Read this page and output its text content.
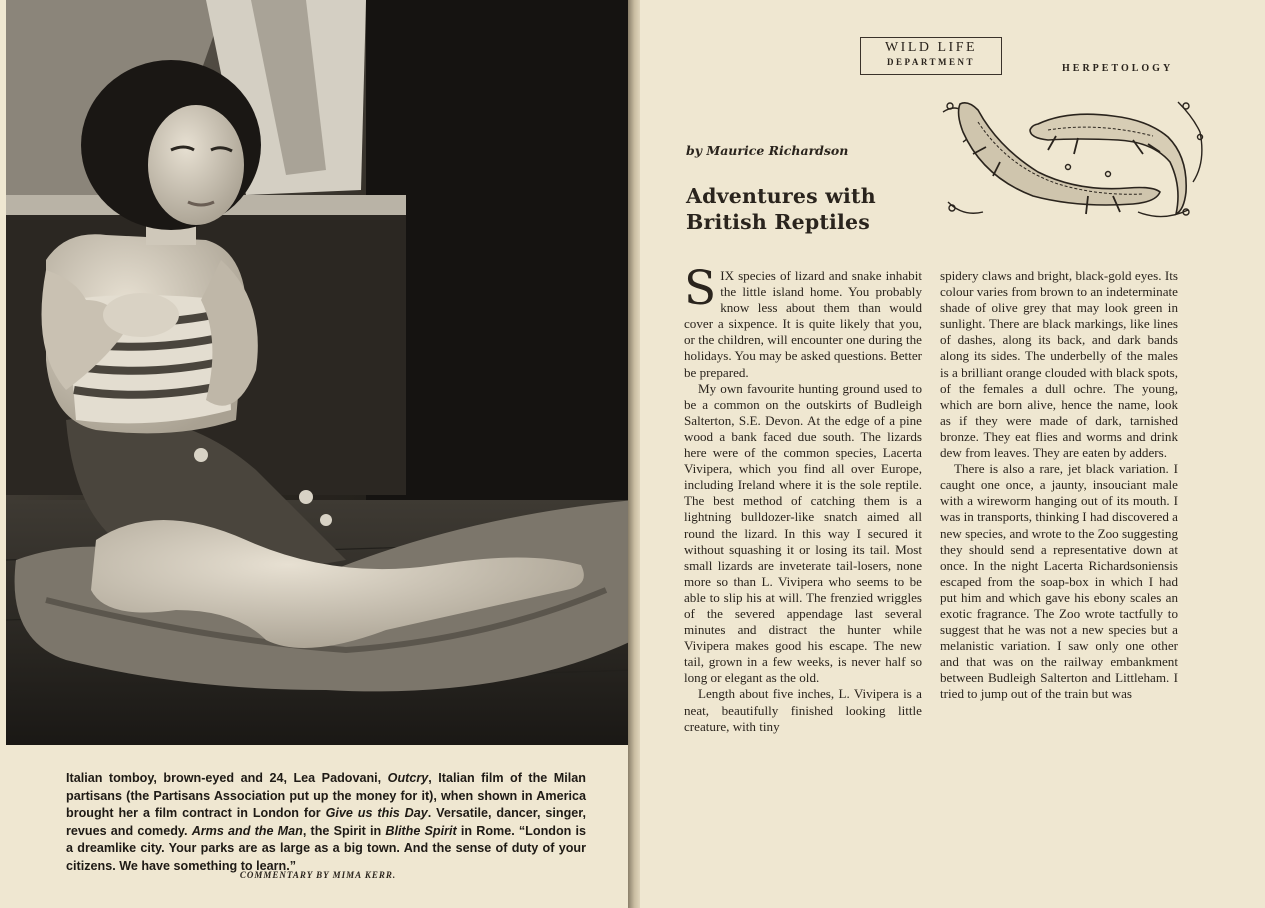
Italian tomboy, brown-eyed and 24, Lea Padovani, Outcry, Italian film of the Milan partisans (the Partisans Association put up the money for it), when shown in America brought her a film contract in London for Give us this Day. Versatile, dancer, singer, revues and comedy. Arms and the Man, the Spirit in Blithe Spirit in Rome. “London is a dreamlike city. Your parks are as large as a big town. And the sense of duty of your citizens. We have something to learn.”
COMMENTARY BY MIMA KERR.
WILD LIFE
DEPARTMENT
HERPETOLOGY
by Maurice Richardson
Adventures with
British Reptiles

SIX species of lizard and snake inhabit the little island home. You probably know less about them than would cover a sixpence. It is quite likely that you, or the children, will encounter one during the holidays. You may be asked questions. Better be prepared.

My own favourite hunting ground used to be a common on the outskirts of Budleigh Salterton, S.E. Devon. At the edge of a pine wood a bank faced due south. The lizards here were of the common species, Lacerta Vivipera, which you find all over Europe, including Ireland where it is the sole reptile. The best method of catching them is a lightning bulldozer-like snatch aimed all round the lizard. In this way I secured it without squashing it or losing its tail. Most small lizards are inveterate tail-losers, none more so than L. Vivipera who seems to be able to slip his at will. The frenzied wriggles of the severed appendage last several minutes and distract the hunter while Vivipera makes good his escape. The new tail, grown in a few weeks, is never half so long or elegant as the old.

Length about five inches, L. Vivipera is a neat, beautifully finished looking little creature, with tiny

spidery claws and bright, black-gold eyes. Its colour varies from brown to an indeterminate shade of olive grey that may look green in sunlight. There are black markings, like lines of dashes, along its back, and dark bands along its sides. The underbelly of the males is a brilliant orange clouded with black spots, of the females a dull ochre. The young, which are born alive, hence the name, look as if they were made of dark, tarnished bronze. They eat flies and worms and drink dew from leaves. They are eaten by adders.

There is also a rare, jet black variation. I caught one once, a jaunty, insouciant male with a wireworm hanging out of its mouth. I was in transports, thinking I had discovered a new species, and wrote to the Zoo suggesting they should send a representative down at once. In the night Lacerta Richardsoniensis escaped from the soap-box in which I had put him and which gave his ebony scales an exotic fragrance. The Zoo wrote tactfully to suggest that he was not a new species but a melanistic variation. I saw only one other and that was on the railway embankment between Budleigh Salterton and Littleham. I tried to jump out of the train but was
